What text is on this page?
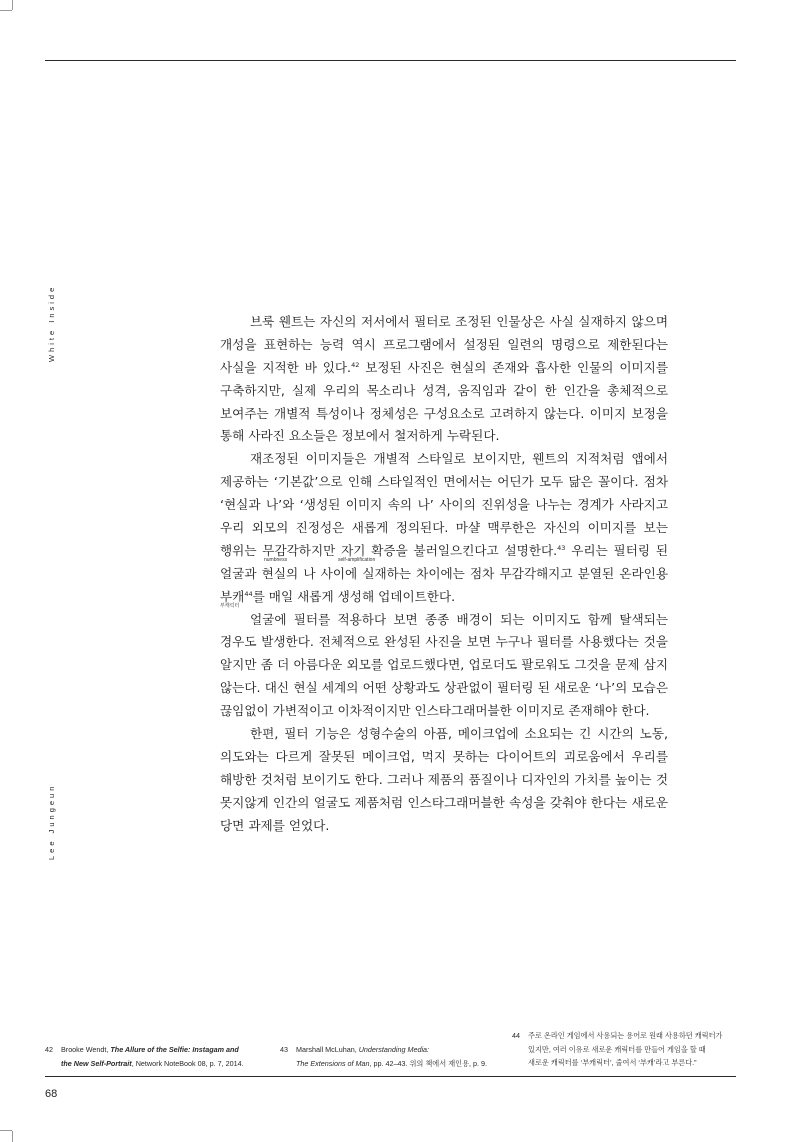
White Inside
Lee Jungeun
브룩 웬트는 자신의 저서에서 필터로 조정된 인물상은 사실 실재하지 않으며
개성을 표현하는 능력 역시 프로그램에서 설정된 일련의 명령으로 제한된다는
사실을 지적한 바 있다.$^{42}$ 보정된 사진은 현실의 존재와 흡사한 인물의 이미지를
구축하지만, 실제 우리의 목소리나 성격, 움직임과 같이 한 인간을 총체적으로
보여주는 개별적 특성이나 정체성은 구성요소로 고려하지 않는다. 이미지 보정을
통해 사라진 요소들은 정보에서 철저하게 누락된다.
재조정된 이미지들은 개별적 스타일로 보이지만, 웬트의 지적처럼 앱에서
제공하는 ‘기본값’으로 인해 스타일적인 면에서는 어딘가 모두 닮은 꼴이다. 점차
‘현실과 나’와 ‘생성된 이미지 속의 나’ 사이의 진위성을 나누는 경계가 사라지고
우리 외모의 진정성은 새롭게 정의된다. 마샬 맥루한은 자신의 이미지를 보는
행위는 무감각
numbness
하지만 자기 확증
self-amplification
을 불러일으킨다고 설명한다.$^{43}$ 우리는 필터링 된
얼굴과 현실의 나 사이에 실재하는 차이에는 점차 무감각해지고 분열된 온라인용
부캐
부캐릭터
$^{44}$를 매일 새롭게 생성해 업데이트한다.
얼굴에 필터를 적용하다 보면 종종 배경이 되는 이미지도 함께 탈색되는
경우도 발생한다. 전체적으로 완성된 사진을 보면 누구나 필터를 사용했다는 것을
알지만 좀 더 아름다운 외모를 업로드했다면, 업로더도 팔로워도 그것을 문제 삼지
않는다. 대신 현실 세계의 어떤 상황과도 상관없이 필터링 된 새로운 ‘나’의 모습은
끊임없이 가변적이고 이차적이지만 인스타그래머블한 이미지로 존재해야 한다.
한편, 필터 기능은 성형수술의 아픔, 메이크업에 소요되는 긴 시간의 노동,
의도와는 다르게 잘못된 메이크업, 먹지 못하는 다이어트의 괴로움에서 우리를
해방한 것처럼 보이기도 한다. 그러나 제품의 품질이나 디자인의 가치를 높이는 것
못지않게 인간의 얼굴도 제품처럼 인스타그래머블한 속성을 갖춰야 한다는 새로운
당면 과제를 얻었다.
42 Brooke Wendt, The Allure of the Selfie: Instagam and
the New Self-Portrait, Network NoteBook 08, p. 7, 2014.
43 Marshall McLuhan, Understanding Media:
The Extensions of Man, pp. 42–43. 위의 책에서 재인용, p. 9.
44 주로 온라인 게임에서 사용되는 용어로 원래 사용하던 캐릭터가
있지만, 여러 이유로 새로운 캐릭터를 만들어 게임을 할 때
새로운 캐릭터를 ‘부캐릭터’, 줄여서 ‘부캐’라고 부른다.”
68
